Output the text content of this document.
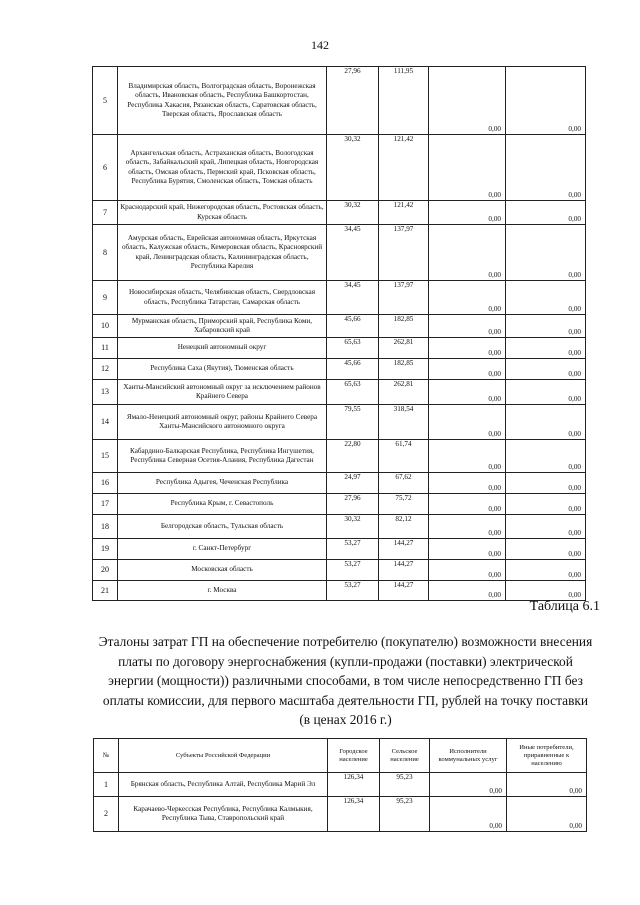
142
5	Владимирская область, Волгоградская область, Воронежская область, Ивановская область, Республика Башкортостан, Республика Хакасия, Рязанская область, Саратовская область, Тверская область, Ярославская область	27,96	111,95	0,00	0,00
6	Архангельская область, Астраханская область, Вологодская область, Забайкальский край, Липецкая область, Новгородская область, Омская область, Пермский край, Псковская область, Республика Бурятия, Смоленская область, Томская область	30,32	121,42	0,00	0,00
7	Краснодарский край, Нижегородская область, Ростовская область, Курская область	30,32	121,42	0,00	0,00
8	Амурская область, Еврейская автономная область, Иркутская область, Калужская область, Кемеровская область, Красноярский край, Ленинградская область, Калининградская область, Республика Карелия	34,45	137,97	0,00	0,00
9	Новосибирская область, Челябинская область, Свердловская область, Республика Татарстан, Самарская область	34,45	137,97	0,00	0,00
10	Мурманская область, Приморский край, Республика Коми, Хабаровский край	45,66	182,85	0,00	0,00
11	Ненецкий автономный округ	65,63	262,81	0,00	0,00
12	Республика Саха (Якутия), Тюменская область	45,66	182,85	0,00	0,00
13	Ханты-Мансийский автономный округ за исключением районов Крайнего Севера	65,63	262,81	0,00	0,00
14	Ямало-Ненецкий автономный округ, районы Крайнего Севера Ханты-Мансийского автономного округа	79,55	318,54	0,00	0,00
15	Кабардино-Балкарская Республика, Республика Ингушетия, Республика Северная Осетия-Алания, Республика Дагестан	22,80	61,74	0,00	0,00
16	Республика Адыгея, Чеченская Республика	24,97	67,62	0,00	0,00
17	Республика Крым, г. Севастополь	27,96	75,72	0,00	0,00
18	Белгородская область, Тульская область	30,32	82,12	0,00	0,00
19	г. Санкт-Петербург	53,27	144,27	0,00	0,00
20	Московская область	53,27	144,27	0,00	0,00
21	г. Москва	53,27	144,27	0,00	0,00
Таблица 6.1
Эталоны затрат ГП на обеспечение потребителю (покупателю) возможности внесения платы по договору энергоснабжения (купли-продажи (поставки) электрической энергии (мощности)) различными способами, в том числе непосредственно ГП без оплаты комиссии, для первого масштаба деятельности ГП, рублей на точку поставки (в ценах 2016 г.)
№	Субъекты Российской Федерации	Городское население	Сельское население	Исполнители коммунальных услуг	Иные потребители, приравненные к населению
1	Брянская область, Республика Алтай, Республика Марий Эл	126,34	95,23	0,00	0,00
2	Карачаево-Черкесская Республика, Республика Калмыкия, Республика Тыва, Ставропольский край	126,34	95,23	0,00	0,00
